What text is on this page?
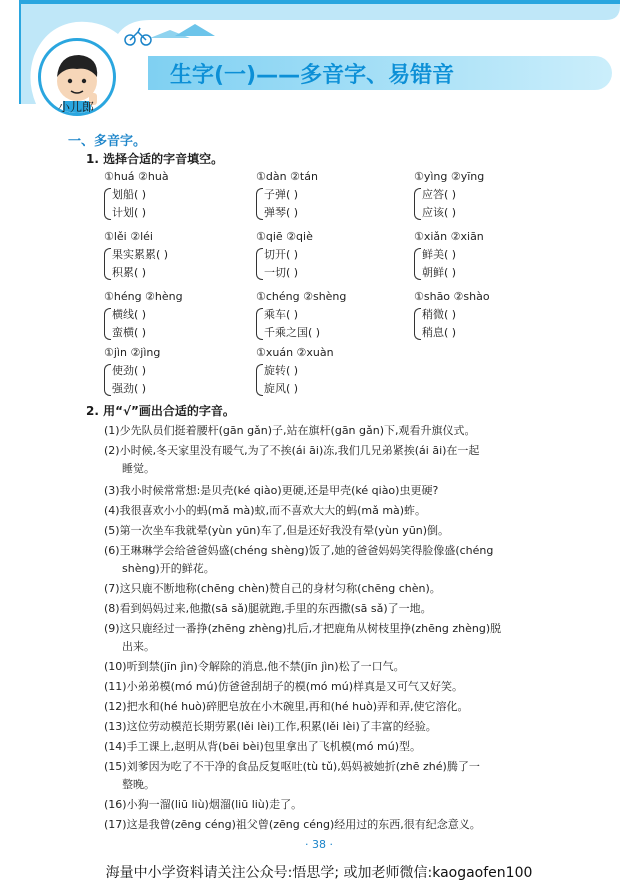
✶
小儿郎
生字(一)——多音字、易错音
一、多音字。
1. 选择合适的字音填空。
①huá ②huà
划船( )
计划( )
①dàn ②tán
子弹( )
弹琴( )
①yìng ②yīng
应答( )
应该( )
①lěi ②léi
果实累累( )
积累( )
①qiē ②qiè
切开( )
一切( )
①xiǎn ②xiān
鲜美( )
朝鲜( )
①héng ②hèng
横线( )
蛮横( )
①chéng ②shèng
乘车( )
千乘之国( )
①shāo ②shào
稍微( )
稍息( )
①jìn ②jìng
使劲( )
强劲( )
①xuán ②xuàn
旋转( )
旋风( )
2. 用“√”画出合适的字音。
(1)少先队员们挺着腰杆(gān gǎn)子,站在旗杆(gān gǎn)下,观看升旗仪式。
(2)小时候,冬天家里没有暖气,为了不挨(ái āi)冻,我们几兄弟紧挨(ái āi)在一起
睡觉。
(3)我小时候常常想:是贝壳(ké qiào)更硬,还是甲壳(ké qiào)虫更硬?
(4)我很喜欢小小的蚂(mǎ mà)蚁,而不喜欢大大的蚂(mǎ mà)蚱。
(5)第一次坐车我就晕(yùn yūn)车了,但是还好我没有晕(yùn yūn)倒。
(6)王琳琳学会给爸爸妈盛(chéng shèng)饭了,她的爸爸妈妈笑得脸像盛(chéng
shèng)开的鲜花。
(7)这只鹿不断地称(chēng chèn)赞自己的身材匀称(chēng chèn)。
(8)看到妈妈过来,他撒(sā sǎ)腿就跑,手里的东西撒(sā sǎ)了一地。
(9)这只鹿经过一番挣(zhēng zhèng)扎后,才把鹿角从树枝里挣(zhēng zhèng)脱
出来。
(10)听到禁(jīn jìn)令解除的消息,他不禁(jīn jìn)松了一口气。
(11)小弟弟模(mó mú)仿爸爸刮胡子的模(mó mú)样真是又可气又好笑。
(12)把水和(hé huò)碎肥皂放在小木碗里,再和(hé huò)弄和弄,使它溶化。
(13)这位劳动模范长期劳累(lěi lèi)工作,积累(lěi lèi)了丰富的经验。
(14)手工课上,赵明从背(bēi bèi)包里拿出了飞机模(mó mú)型。
(15)刘爹因为吃了不干净的食品反复呕吐(tù tǔ),妈妈被她折(zhē zhé)腾了一
整晚。
(16)小狗一溜(liū liù)烟溜(liū liù)走了。
(17)这是我曾(zēng céng)祖父曾(zēng céng)经用过的东西,很有纪念意义。
· 38 ·
海量中小学资料请关注公众号:悟思学; 或加老师微信:kaogaofen100
